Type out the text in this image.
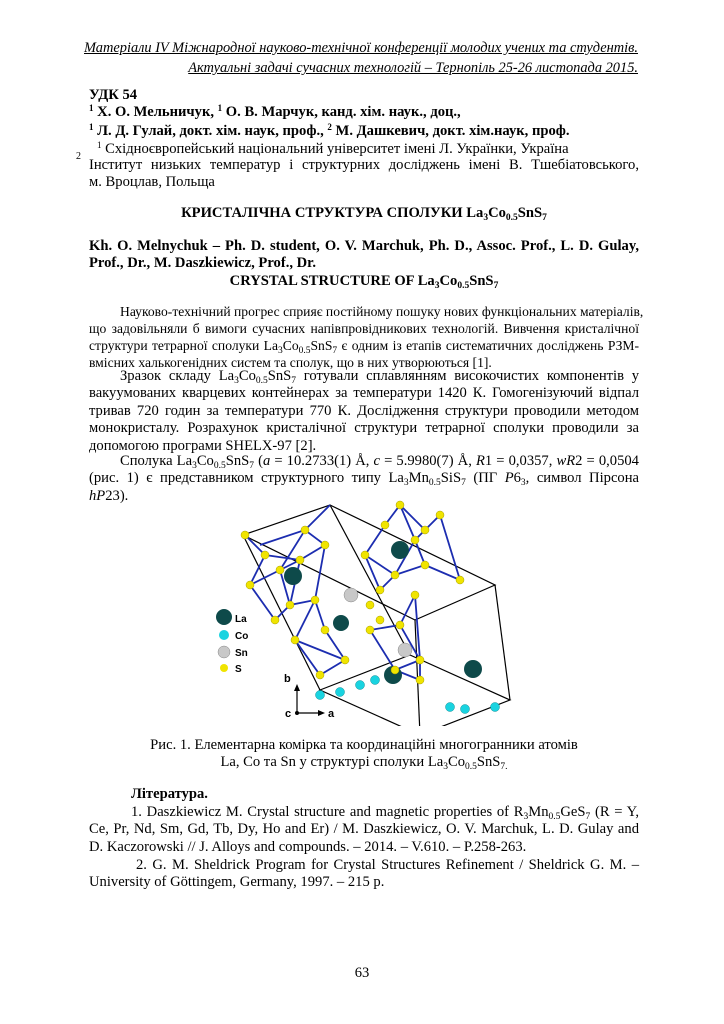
Матеріали IV Міжнародної науково-технічної конференції молодих учених та студентів.
Актуальні задачі сучасних технологій – Тернопіль 25-26 листопада 2015.
УДК 54
$^1$ Х. О. Мельничук, $^1$ О. В. Марчук, канд. хім. наук., доц.,
$^1$ Л. Д. Гулай, докт. хім. наук, проф., $^2$ М. Дашкевич, докт. хім.наук, проф.
$^1$ Східноєвропейський національний університет імені Л. Українки, Україна
2
Інститут низьких температур і структурних досліджень імені В. Тшебіатовського,
м. Вроцлав, Польща
КРИСТАЛІЧНА СТРУКТУРА СПОЛУКИ $La_3Co_{0.5}SnS_7$
Kh. O. Melnychuk – Ph. D. student, O. V. Marchuk, Ph. D., Assoc. Prof., L. D. Gulay,
Prof., Dr., M. Daszkiewicz, Prof., Dr.
CRYSTAL STRUCTURE OF $La_3Co_{0.5}SnS_7$
Науково-технічний прогрес сприяє постійному пошуку нових функціональних матеріалів,
що задовільняли б вимоги сучасних напівпровідникових технологій. Вивчення кристалічної
структури тетрарної сполуки $La_3Co_{0.5}SnS_7$ є одним із етапів систематичних досліджень РЗМ-
вмісних халькогенідних систем та сполук, що в них утворюються [1].
Зразок складу $La_3Co_{0.5}SnS_7$ готували сплавлянням високочистих компонентів у
вакуумованих кварцевих контейнерах за температури 1420 К. Гомогенізуючий відпал
тривав 720 годин за температури 770 К. Дослідження структури проводили методом
монокристалу. Розрахунок кристалічної структури тетрарної сполуки проводили за
допомогою програми SHELX-97 [2].
Сполука $La_3Co_{0.5}SnS_7$ (a = 10.2733(1) Å, c = 5.9980(7) Å, R1 = 0,0357, wR2 = 0,0504
(рис. 1) є представником структурного типу $La_3Mn_{0.5}SiS_7$ (ПГ $P6_3$, символ Пірсона
hP23).
La
Co
Sn
S
b
c	a
Рис. 1. Елементарна комірка та координаційні многогранники атомів
La, Co та Sn у структурі сполуки $La_3Co_{0.5}SnS_{7.}$
Література.
1. Daszkiewicz M. Crystal structure and magnetic properties of $R_3Mn_{0.5}GeS_7$ (R = Y,
Ce, Pr, Nd, Sm, Gd, Tb, Dy, Ho and Er) / M. Daszkiewicz, O. V. Marchuk, L. D. Gulay and
D. Kaczorowski // J. Alloys and compounds. – 2014. – V.610. – P.258-263.
2. G. M. Sheldrick Program for Crystal Structures Refinement / Sheldrick G. M. –
University of Göttingem, Germany, 1997. – 215 p.
63
